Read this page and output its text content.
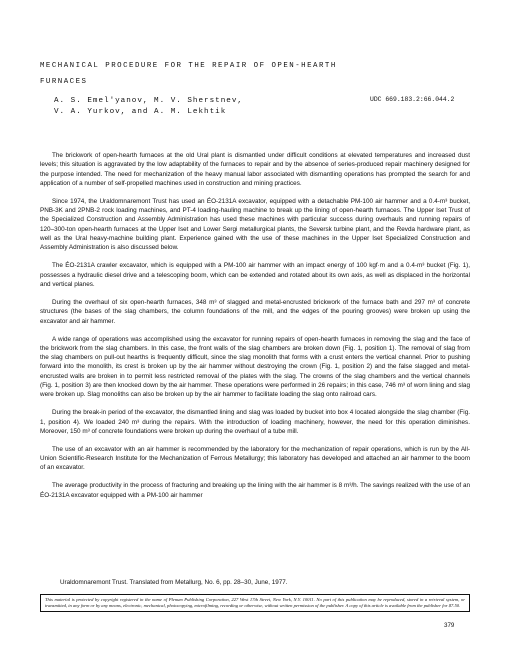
MECHANICAL PROCEDURE FOR THE REPAIR OF OPEN-HEARTH
FURNACES
A. S. Emel'yanov, M. V. Sherstnev,
V. A. Yurkov, and A. M. Lekhtik
UDC 669.183.2:66.044.2

The brickwork of open-hearth furnaces at the old Ural plant is dismantled under difficult conditions at elevated temperatures and increased dust levels; this situation is aggravated by the low adaptability of the furnaces to repair and by the absence of series-produced repair machinery designed for the purpose intended. The need for mechanization of the heavy manual labor associated with dismantling operations has prompted the search for and application of a number of self-propelled machines used in construction and mining practices.

Since 1974, the Uraldomnaremont Trust has used an ÉO-2131A excavator, equipped with a detachable PM-100 air hammer and a 0.4-m³ bucket, PNB-3K and 2PNB-2 rock loading machines, and PT-4 loading-hauling machine to break up the lining of open-hearth furnaces. The Upper Iset Trust of the Specialized Construction and Assembly Administration has used these machines with particular success during overhauls and running repairs of 120–300-ton open-hearth furnaces at the Upper Iset and Lower Sergi metallurgical plants, the Seversk turbine plant, and the Revda hardware plant, as well as the Ural heavy-machine building plant. Experience gained with the use of these machines in the Upper Iset Specialized Construction and Assembly Administration is also discussed below.

The ÉO-2131A crawler excavator, which is equipped with a PM-100 air hammer with an impact energy of 100 kgf·m and a 0.4-m³ bucket (Fig. 1), possesses a hydraulic diesel drive and a telescoping boom, which can be extended and rotated about its own axis, as well as displaced in the horizontal and vertical planes.

During the overhaul of six open-hearth furnaces, 348 m³ of slagged and metal-encrusted brickwork of the furnace bath and 297 m³ of concrete structures (the bases of the slag chambers, the column foundations of the mill, and the edges of the pouring grooves) were broken up using the excavator and air hammer.

A wide range of operations was accomplished using the excavator for running repairs of open-hearth furnaces in removing the slag and the face of the brickwork from the slag chambers. In this case, the front walls of the slag chambers are broken down (Fig. 1, position 1). The removal of slag from the slag chambers on pull-out hearths is frequently difficult, since the slag monolith that forms with a crust enters the vertical channel. Prior to pushing forward into the monolith, its crest is broken up by the air hammer without destroying the crown (Fig. 1, position 2) and the false slagged and metal-encrusted walls are broken in to permit less restricted removal of the plates with the slag. The crowns of the slag chambers and the vertical channels (Fig. 1, position 3) are then knocked down by the air hammer. These operations were performed in 26 repairs; in this case, 746 m³ of worn lining and slag were broken up. Slag monoliths can also be broken up by the air hammer to facilitate loading the slag onto railroad cars.

During the break-in period of the excavator, the dismantled lining and slag was loaded by bucket into box 4 located alongside the slag chamber (Fig. 1, position 4). We loaded 240 m³ during the repairs. With the introduction of loading machinery, however, the need for this operation diminishes. Moreover, 150 m³ of concrete foundations were broken up during the overhaul of a tube mill.

The use of an excavator with an air hammer is recommended by the laboratory for the mechanization of repair operations, which is run by the All-Union Scientific-Research Institute for the Mechanization of Ferrous Metallurgy; this laboratory has developed and attached an air hammer to the boom of an excavator.

The average productivity in the process of fracturing and breaking up the lining with the air hammer is 8 m³/h. The savings realized with the use of an ÉO-2131A excavator equipped with a PM-100 air hammer

Uraldomnaremont Trust. Translated from Metallurg, No. 6, pp. 28–30, June, 1977.
This material is protected by copyright registered in the name of Plenum Publishing Corporation, 227 West 17th Street, New York, N.Y. 10011. No part of this publication may be reproduced, stored in a retrieval system, or transmitted, in any form or by any means, electronic, mechanical, photocopying, microfilming, recording or otherwise, without written permission of the publisher. A copy of this article is available from the publisher for $7.50.
379
